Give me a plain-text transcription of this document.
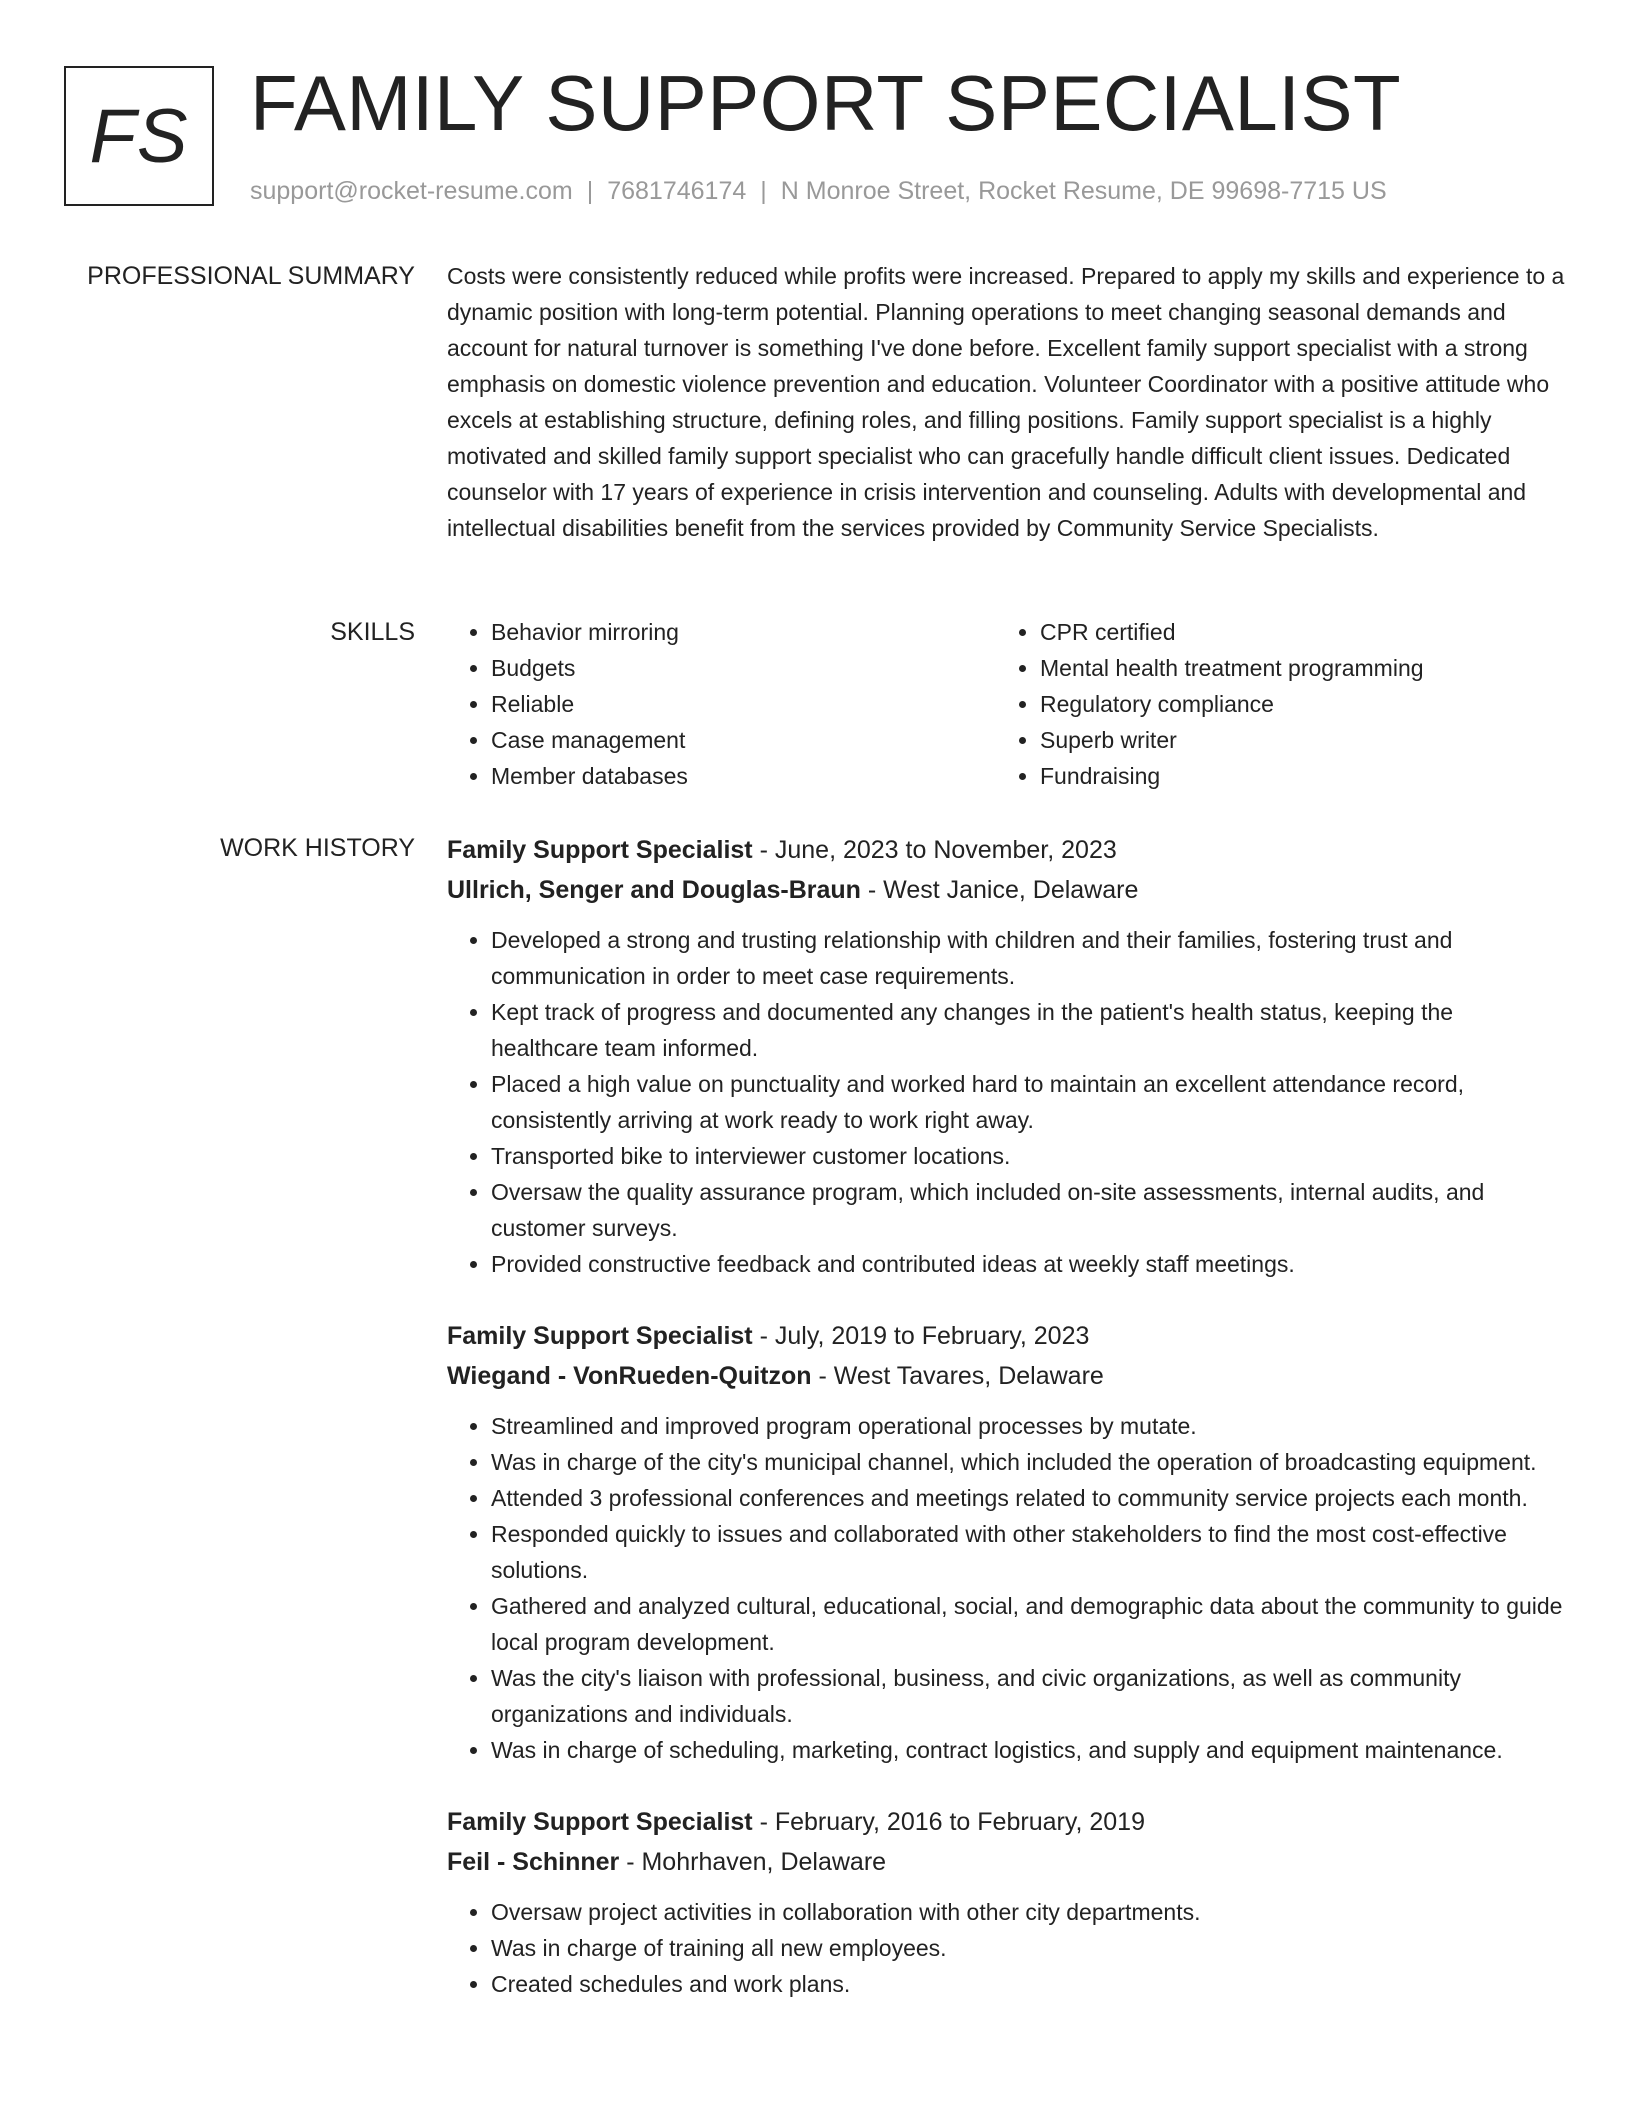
FS FAMILY SUPPORT SPECIALIST
support@rocket-resume.com | 7681746174 | N Monroe Street, Rocket Resume, DE 99698-7715 US
PROFESSIONAL SUMMARY Costs were consistently reduced while profits were increased. Prepared to apply my skills and experience to a dynamic position with long-term potential. Planning operations to meet changing seasonal demands and account for natural turnover is something I've done before. Excellent family support specialist with a strong emphasis on domestic violence prevention and education. Volunteer Coordinator with a positive attitude who excels at establishing structure, defining roles, and filling positions. Family support specialist is a highly motivated and skilled family support specialist who can gracefully handle difficult client issues. Dedicated counselor with 17 years of experience in crisis intervention and counseling. Adults with developmental and intellectual disabilities benefit from the services provided by Community Service Specialists.

SKILLS
•	Behavior mirroring
• Budgets
• Reliable
• Case management
• Member databases
• CPR certified
• Mental health treatment programming
• Regulatory compliance
• Superb writer
• Fundraising
WORK HISTORY Family Support Specialist - June, 2023 to November, 2023
Ullrich, Senger and Douglas-Braun - West Janice, Delaware
• Developed a strong and trusting relationship with children and their families, fostering trust and communication in order to meet case requirements.
• Kept track of progress and documented any changes in the patient's health status, keeping the healthcare team informed.
• Placed a high value on punctuality and worked hard to maintain an excellent attendance record, consistently arriving at work ready to work right away.
• Transported bike to interviewer customer locations.
• Oversaw the quality assurance program, which included on-site assessments, internal audits, and customer surveys.
• Provided constructive feedback and contributed ideas at weekly staff meetings.
Family Support Specialist - July, 2019 to February, 2023
Wiegand - VonRueden-Quitzon - West Tavares, Delaware
• Streamlined and improved program operational processes by mutate.
• Was in charge of the city's municipal channel, which included the operation of broadcasting equipment.
• Attended 3 professional conferences and meetings related to community service projects each month.
• Responded quickly to issues and collaborated with other stakeholders to find the most cost-effective solutions.
• Gathered and analyzed cultural, educational, social, and demographic data about the community to guide local program development.
• Was the city's liaison with professional, business, and civic organizations, as well as community organizations and individuals.
• Was in charge of scheduling, marketing, contract logistics, and supply and equipment maintenance.
Family Support Specialist - February, 2016 to February, 2019
Feil - Schinner - Mohrhaven, Delaware
• Oversaw project activities in collaboration with other city departments.
• Was in charge of training all new employees.
• Created schedules and work plans.
